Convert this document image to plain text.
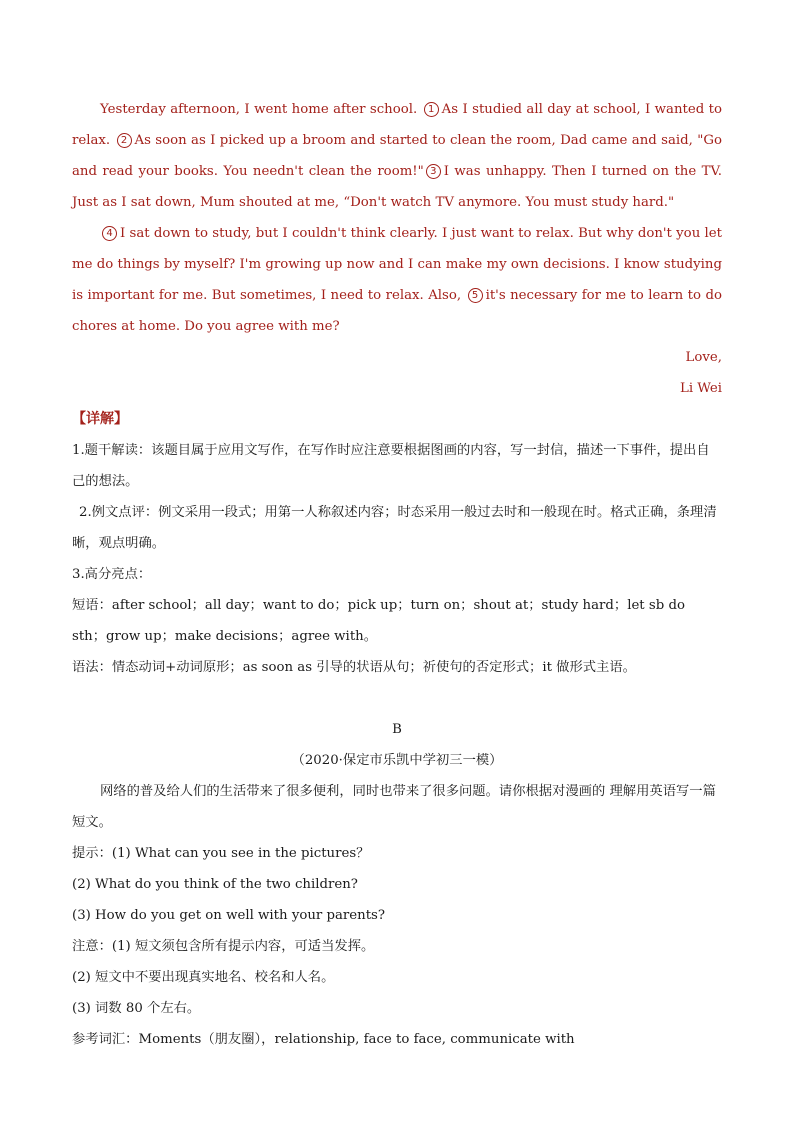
Yesterday afternoon, I went home after school. 1 As I studied all day at school, I wanted to relax. 2 As soon as I picked up a broom and started to clean the room, Dad came and said, "Go and read your books. You needn't clean the room!" 3 I was unhappy. Then I turned on the TV. Just as I sat down, Mum shouted at me, “Don't watch TV anymore. You must study hard."

4 I sat down to study, but I couldn't think clearly. I just want to relax. But why don't you let me do things by myself? I'm growing up now and I can make my own decisions. I know studying is important for me. But sometimes, I need to relax. Also, 5 it's necessary for me to learn to do chores at home. Do you agree with me?

Love,
Li Wei
【详解】

1.题干解读：该题目属于应用文写作，在写作时应注意要根据图画的内容，写一封信，描述一下事件，提出自己的想法。

2.例文点评：例文采用一段式；用第一人称叙述内容；时态采用一般过去时和一般现在时。格式正确，条理清晰，观点明确。

3.高分亮点：

短语：after school；all day；want to do；pick up；turn on；shout at；study hard；let sb do sth；grow up；make decisions；agree with。

语法：情态动词+动词原形；as soon as 引导的状语从句；祈使句的否定形式；it 做形式主语。

B
（2020·保定市乐凯中学初三一模）

网络的普及给人们的生活带来了很多便利，同时也带来了很多问题。请你根据对漫画的 理解用英语写一篇短文。

提示：(1) What can you see in the pictures？

(2) What do you think of the two children?

(3) How do you get on well with your parents?

注意：(1) 短文须包含所有提示内容，可适当发挥。

(2) 短文中不要出现真实地名、校名和人名。

(3) 词数 80 个左右。

参考词汇：Moments（朋友圈），relationship, face to face, communicate with
